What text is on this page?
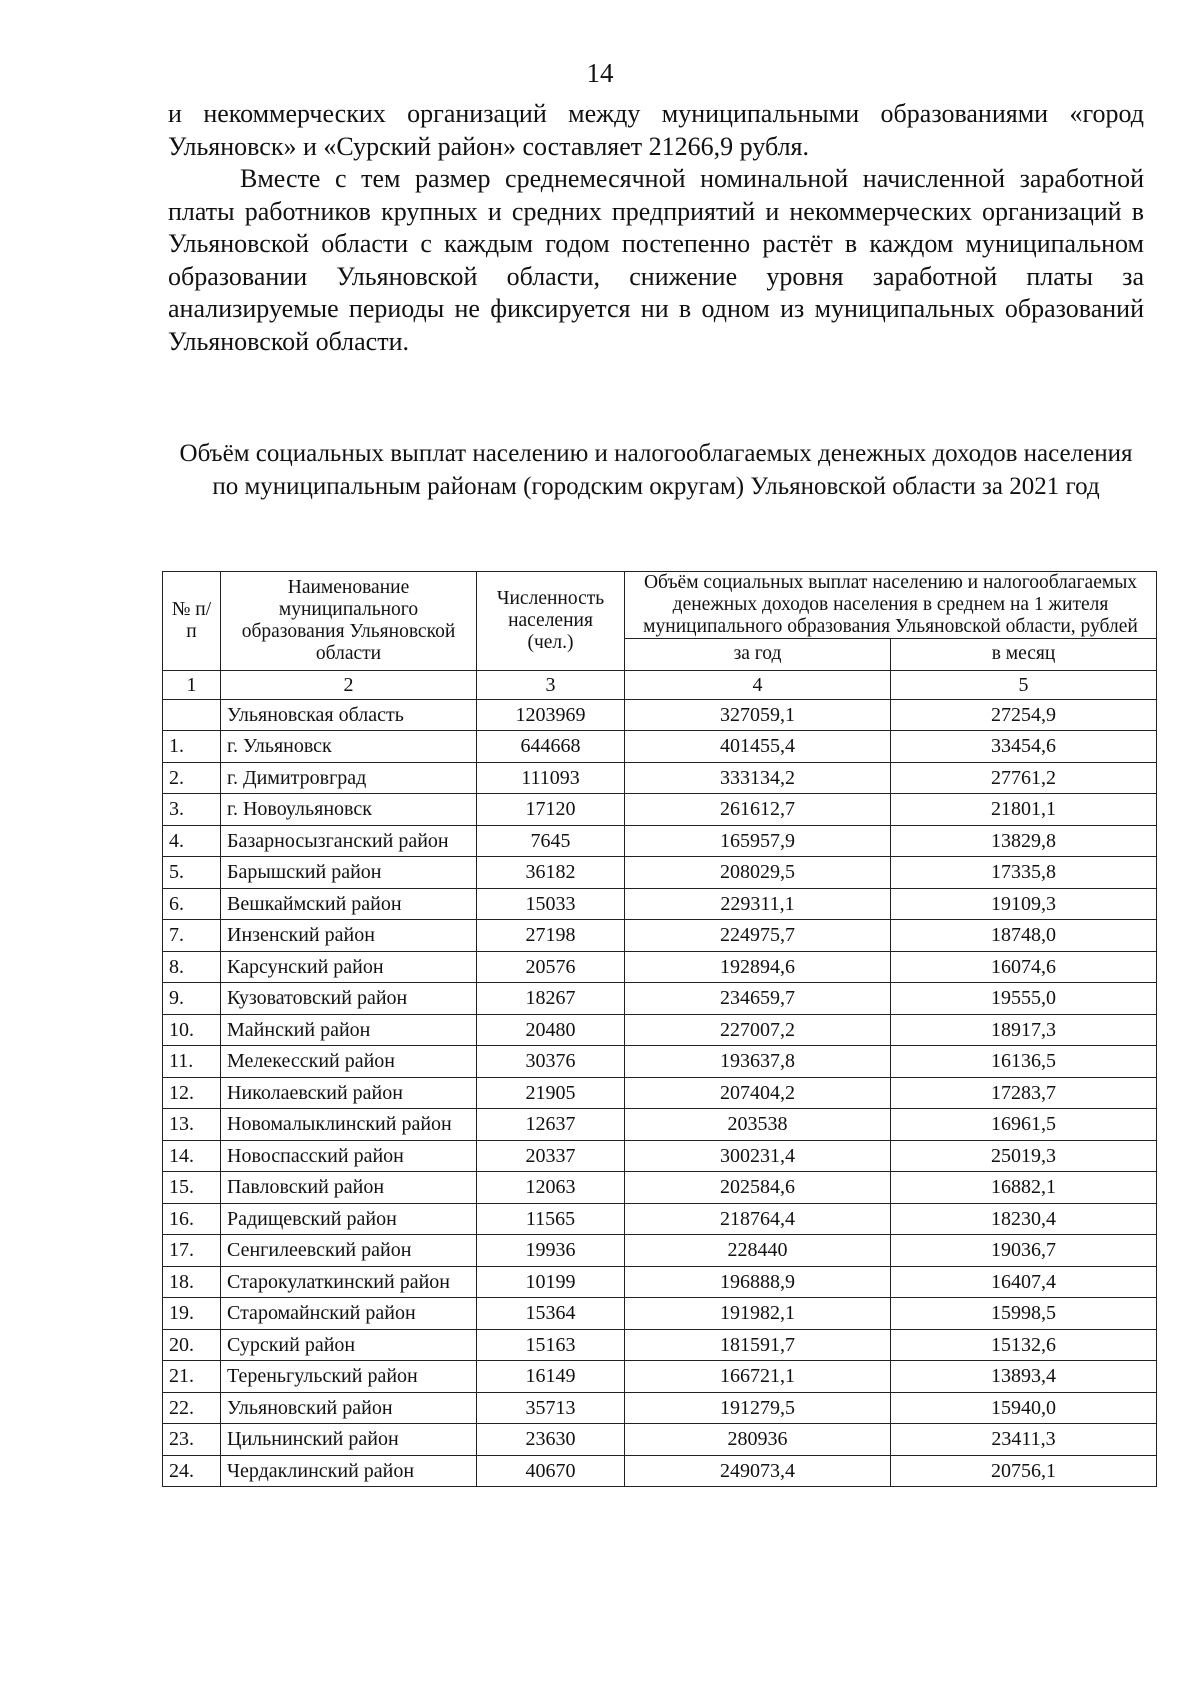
14

и некоммерческих организаций между муниципальными образованиями «город Ульяновск» и «Сурский район» составляет 21266,9 рубля.

Вместе с тем размер среднемесячной номинальной начисленной заработной платы работников крупных и средних предприятий и некоммерческих организаций в Ульяновской области с каждым годом постепенно растёт в каждом муниципальном образовании Ульяновской области, снижение уровня заработной платы за анализируемые периоды не фиксируется ни в одном из муниципальных образований Ульяновской области.

Объём социальных выплат населению и налогооблагаемых денежных доходов населения по муниципальным районам (городским округам) Ульяновской области за 2021 год
№ п/п	Наименование муниципального образования Ульяновской области	Численность населения (чел.)	Объём социальных выплат населению и налогооблагаемых денежных доходов населения в среднем на 1 жителя муниципального образования Ульяновской области, рублей	
			за год	в месяц
1	2	3	4	5
	Ульяновская область	1203969	327059,1	27254,9
1.	г. Ульяновск	644668	401455,4	33454,6
2.	г. Димитровград	111093	333134,2	27761,2
3.	г. Новоульяновск	17120	261612,7	21801,1
4.	Базарносызганский район	7645	165957,9	13829,8
5.	Барышский район	36182	208029,5	17335,8
6.	Вешкаймский район	15033	229311,1	19109,3
7.	Инзенский район	27198	224975,7	18748,0
8.	Карсунский район	20576	192894,6	16074,6
9.	Кузоватовский район	18267	234659,7	19555,0
10.	Майнский район	20480	227007,2	18917,3
11.	Мелекесский район	30376	193637,8	16136,5
12.	Николаевский район	21905	207404,2	17283,7
13.	Новомалыклинский район	12637	203538	16961,5
14.	Новоспасский район	20337	300231,4	25019,3
15.	Павловский район	12063	202584,6	16882,1
16.	Радищевский район	11565	218764,4	18230,4
17.	Сенгилеевский район	19936	228440	19036,7
18.	Старокулаткинский район	10199	196888,9	16407,4
19.	Старомайнский район	15364	191982,1	15998,5
20.	Сурский район	15163	181591,7	15132,6
21.	Тереньгульский район	16149	166721,1	13893,4
22.	Ульяновский район	35713	191279,5	15940,0
23.	Цильнинский район	23630	280936	23411,3
24.	Чердаклинский район	40670	249073,4	20756,1
